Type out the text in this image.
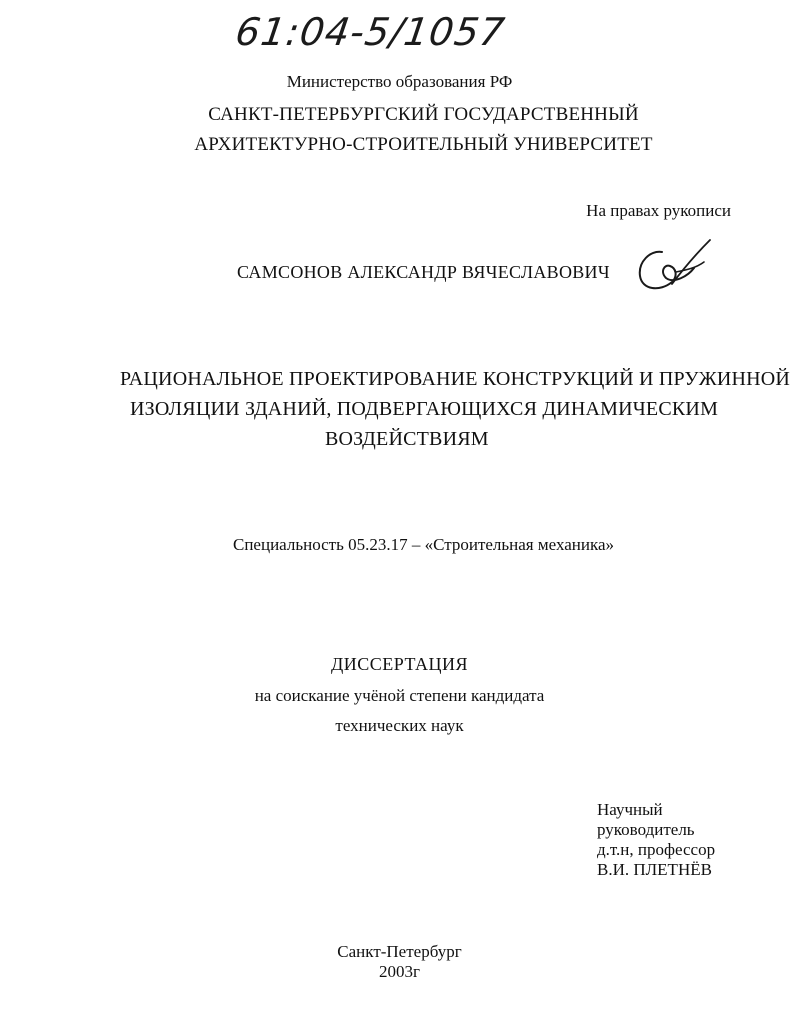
61:04-5/1057
Министерство образования РФ
САНКТ-ПЕТЕРБУРГСКИЙ ГОСУДАРСТВЕННЫЙ
АРХИТЕКТУРНО-СТРОИТЕЛЬНЫЙ УНИВЕРСИТЕТ
На правах рукописи
САМСОНОВ АЛЕКСАНДР ВЯЧЕСЛАВОВИЧ
РАЦИОНАЛЬНОЕ ПРОЕКТИРОВАНИЕ КОНСТРУКЦИЙ И ПРУЖИННОЙ
ИЗОЛЯЦИИ ЗДАНИЙ, ПОДВЕРГАЮЩИХСЯ ДИНАМИЧЕСКИМ
ВОЗДЕЙСТВИЯМ
Специальность 05.23.17 – «Строительная механика»
ДИССЕРТАЦИЯ
на соискание учёной степени кандидата
технических наук
Научный
руководитель
д.т.н, профессор
В.И. ПЛЕТНЁВ
Санкт-Петербург
2003г
